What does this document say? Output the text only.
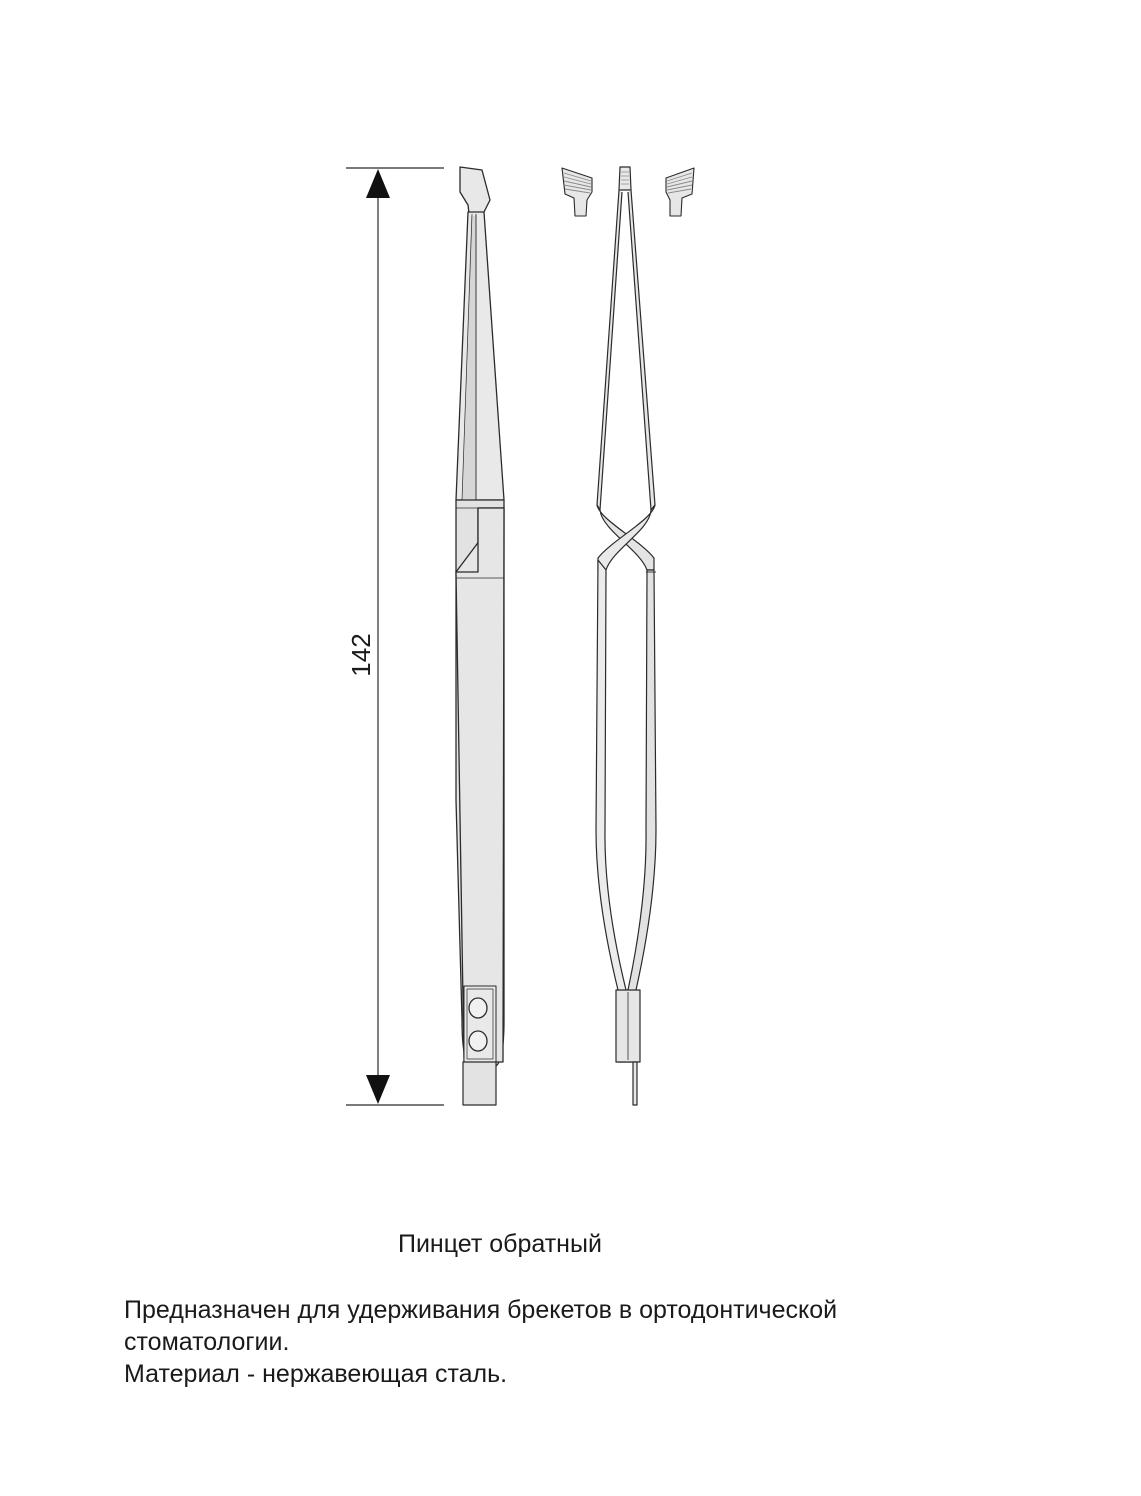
142
Пинцет обратный

Предназначен для удерживания брекетов в ортодонтической

стоматологии.

Материал - нержавеющая сталь.
